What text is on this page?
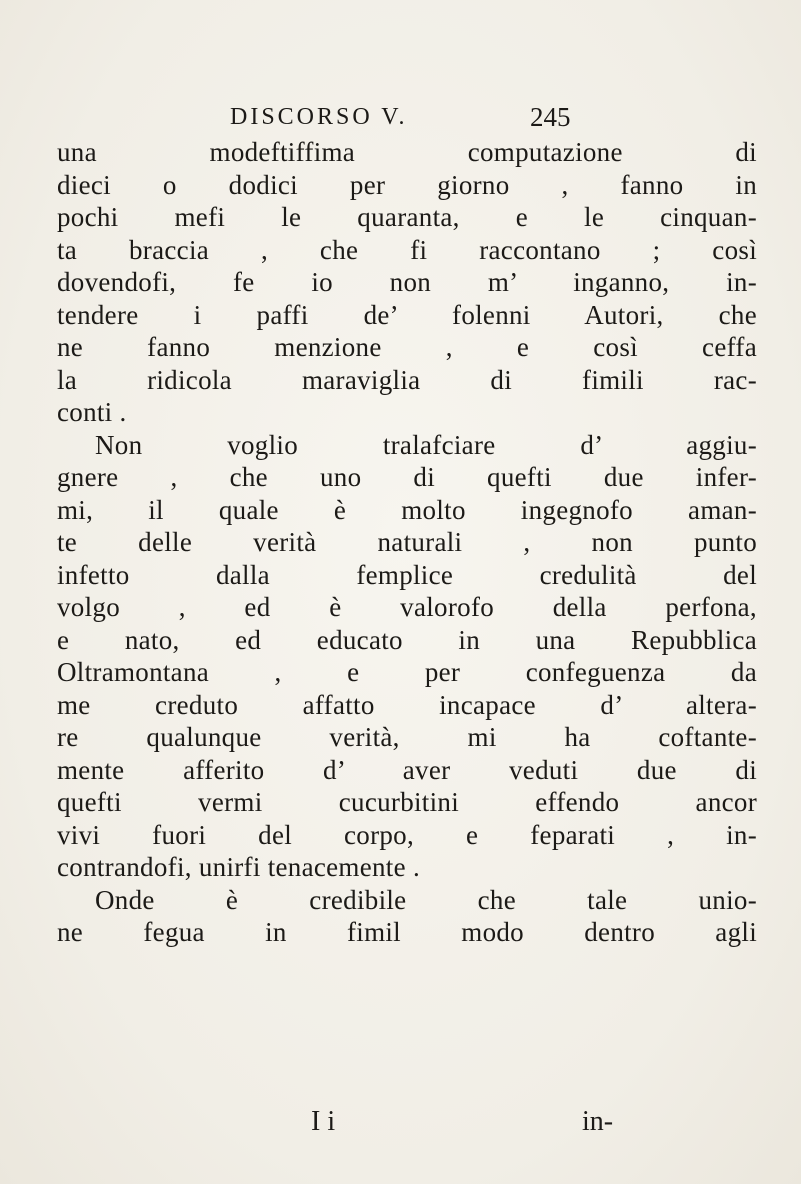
DISCORSO V.	245
una modeftiffima computazione di
dieci o dodici per giorno , fanno in
pochi mefi le quaranta, e le cinquan-
ta braccia , che fi raccontano ; così
dovendofi, fe io non m’ inganno, in-
tendere i paffi de’ folenni Autori, che
ne fanno menzione , e così ceffa
la ridicola maraviglia di fimili rac-
conti .
Non voglio tralafciare d’ aggiu-
gnere , che uno di quefti due infer-
mi, il quale è molto ingegnofo aman-
te delle verità naturali , non punto
infetto dalla femplice credulità del
volgo , ed è valorofo della perfona,
e nato, ed educato in una Repubblica
Oltramontana , e per confeguenza da
me creduto affatto incapace d’ altera-
re qualunque verità, mi ha coftante-
mente afferito d’ aver veduti due di
quefti vermi cucurbitini effendo ancor
vivi fuori del corpo, e feparati , in-
contrandofi, unirfi tenacemente .
Onde è credibile che tale unio-
ne fegua in fimil modo dentro agli
I i	in-
